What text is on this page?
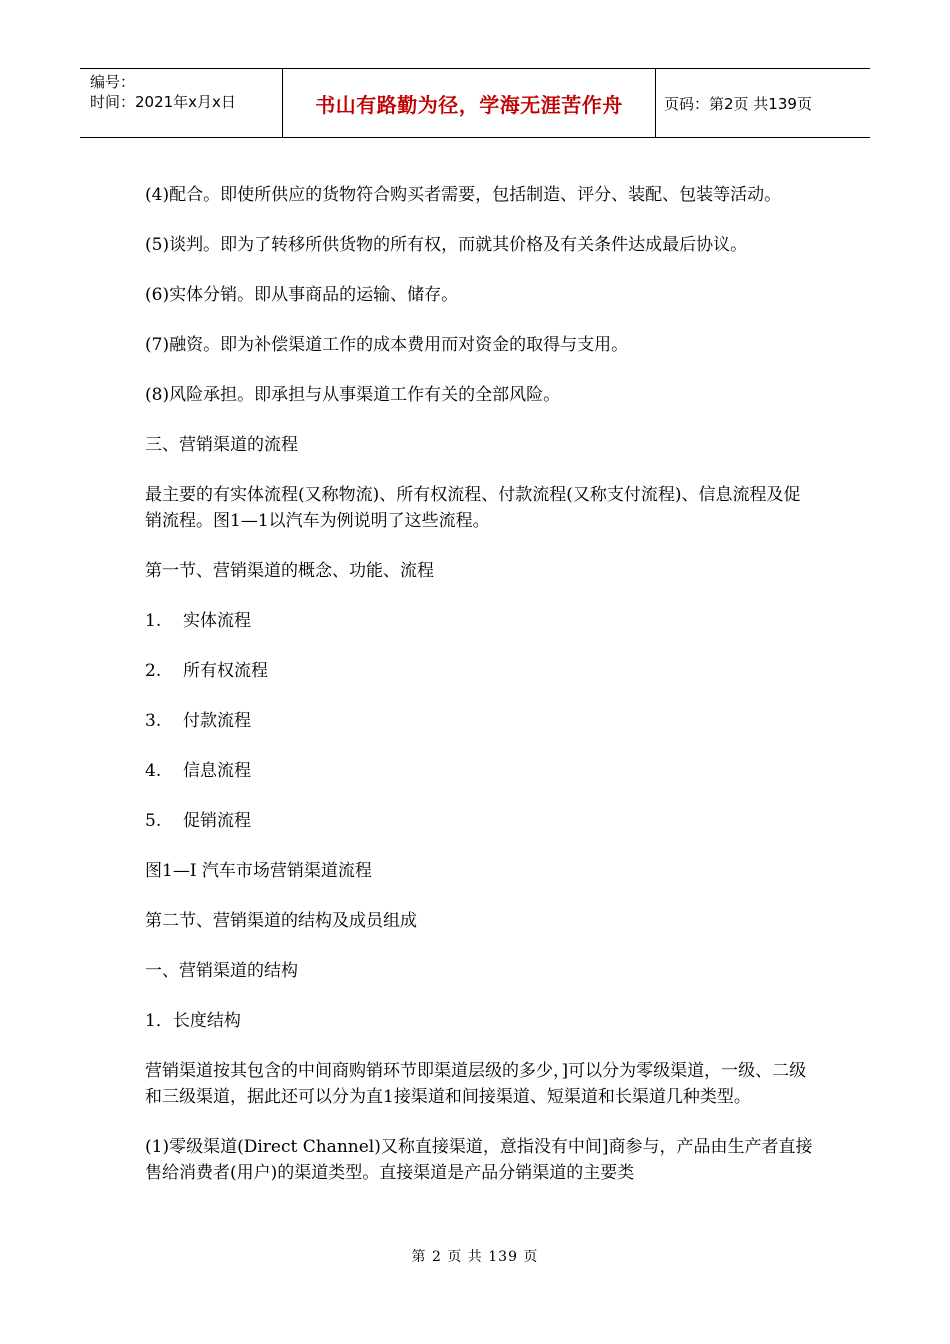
编号：
时间：2021年x月x日	书山有路勤为径，学海无涯苦作舟	页码：第2页 共139页

(4)配合。即使所供应的货物符合购买者需要，包括制造、评分、装配、包装等活动。

(5)谈判。即为了转移所供货物的所有权，而就其价格及有关条件达成最后协议。

(6)实体分销。即从事商品的运输、储存。

(7)融资。即为补偿渠道工作的成本费用而对资金的取得与支用。

(8)风险承担。即承担与从事渠道工作有关的全部风险。

三、营销渠道的流程

最主要的有实体流程(又称物流)、所有权流程、付款流程(又称支付流程)、信息流程及促销流程。图1—1以汽车为例说明了这些流程。

第一节、营销渠道的概念、功能、流程

1.	实体流程
2.	所有权流程
3.	付款流程
4.	信息流程
5.	促销流程

图1—I 汽车市场营销渠道流程

第二节、营销渠道的结构及成员组成

一、营销渠道的结构

1．长度结构

营销渠道按其包含的中间商购销环节即渠道层级的多少，]可以分为零级渠道，一级、二级和三级渠道，据此还可以分为直1接渠道和间接渠道、短渠道和长渠道几种类型。

(1)零级渠道(Direct Channel)又称直接渠道，意指没有中间]商参与，产品由生产者直接售给消费者(用户)的渠道类型。直接渠道是产品分销渠道的主要类

第 2 页 共 139 页
